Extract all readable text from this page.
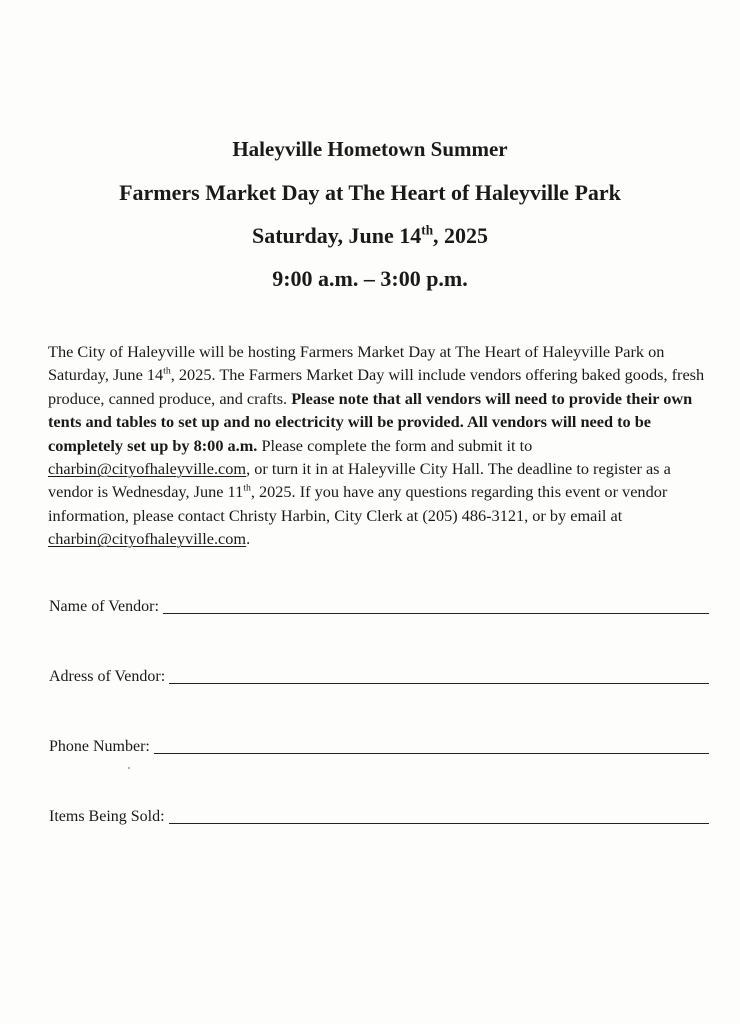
Haleyville Hometown Summer

Farmers Market Day at The Heart of Haleyville Park

Saturday, June 14th, 2025

9:00 a.m. – 3:00 p.m.

The City of Haleyville will be hosting Farmers Market Day at The Heart of Haleyville Park on Saturday, June 14th, 2025. The Farmers Market Day will include vendors offering baked goods, fresh produce, canned produce, and crafts. Please note that all vendors will need to provide their own tents and tables to set up and no electricity will be provided. All vendors will need to be completely set up by 8:00 a.m. Please complete the form and submit it to charbin@cityofhaleyville.com, or turn it in at Haleyville City Hall. The deadline to register as a vendor is Wednesday, June 11th, 2025. If you have any questions regarding this event or vendor information, please contact Christy Harbin, City Clerk at (205) 486-3121, or by email at charbin@cityofhaleyville.com.
Name of Vendor:
Adress of Vendor:
Phone Number:
Items Being Sold:
